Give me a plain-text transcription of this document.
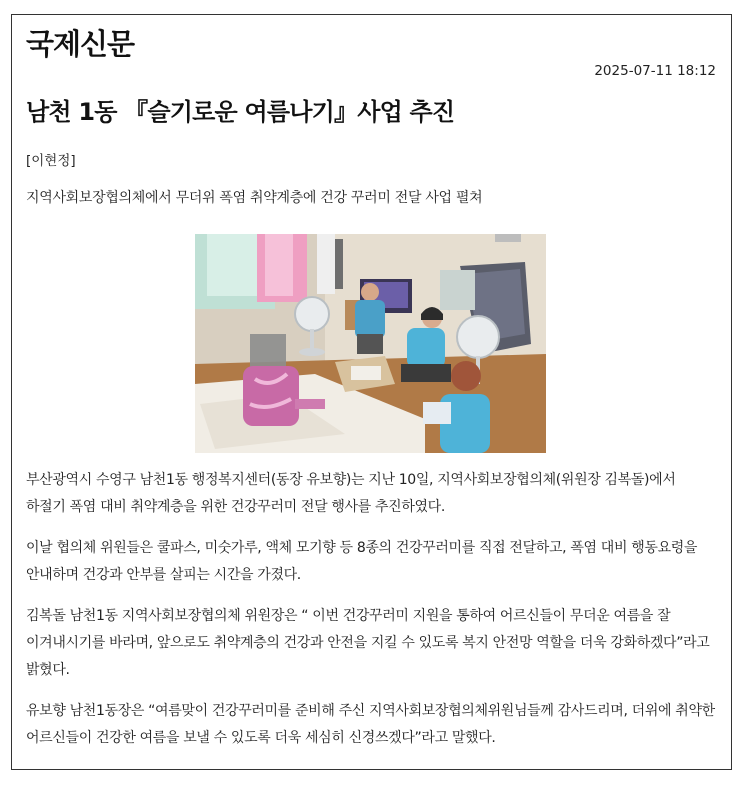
국제신문
2025-07-11 18:12
남천 1동 『슬기로운 여름나기』사업 추진
[이현정]
지역사회보장협의체에서 무더위 폭염 취약계층에 건강 꾸러미 전달 사업 펼쳐

부산광역시 수영구 남천1동 행정복지센터(동장 유보향)는 지난 10일, 지역사회보장협의체(위원장 김복돌)에서 하절기 폭염 대비 취약계층을 위한 건강꾸러미 전달 행사를 추진하였다.

이날 협의체 위원들은 쿨파스, 미숫가루, 액체 모기향 등 8종의 건강꾸러미를 직접 전달하고, 폭염 대비 행동요령을 안내하며 건강과 안부를 살피는 시간을 가졌다.

김복돌 남천1동 지역사회보장협의체 위원장은 “ 이번 건강꾸러미 지원을 통하여 어르신들이 무더운 여름을 잘 이겨내시기를 바라며, 앞으로도 취약계층의 건강과 안전을 지킬 수 있도록 복지 안전망 역할을 더욱 강화하겠다”라고 밝혔다.

유보향 남천1동장은 “여름맞이 건강꾸러미를 준비해 주신 지역사회보장협의체위원님들께 감사드리며, 더위에 취약한 어르신들이 건강한 여름을 보낼 수 있도록 더욱 세심히 신경쓰겠다”라고 말했다.
